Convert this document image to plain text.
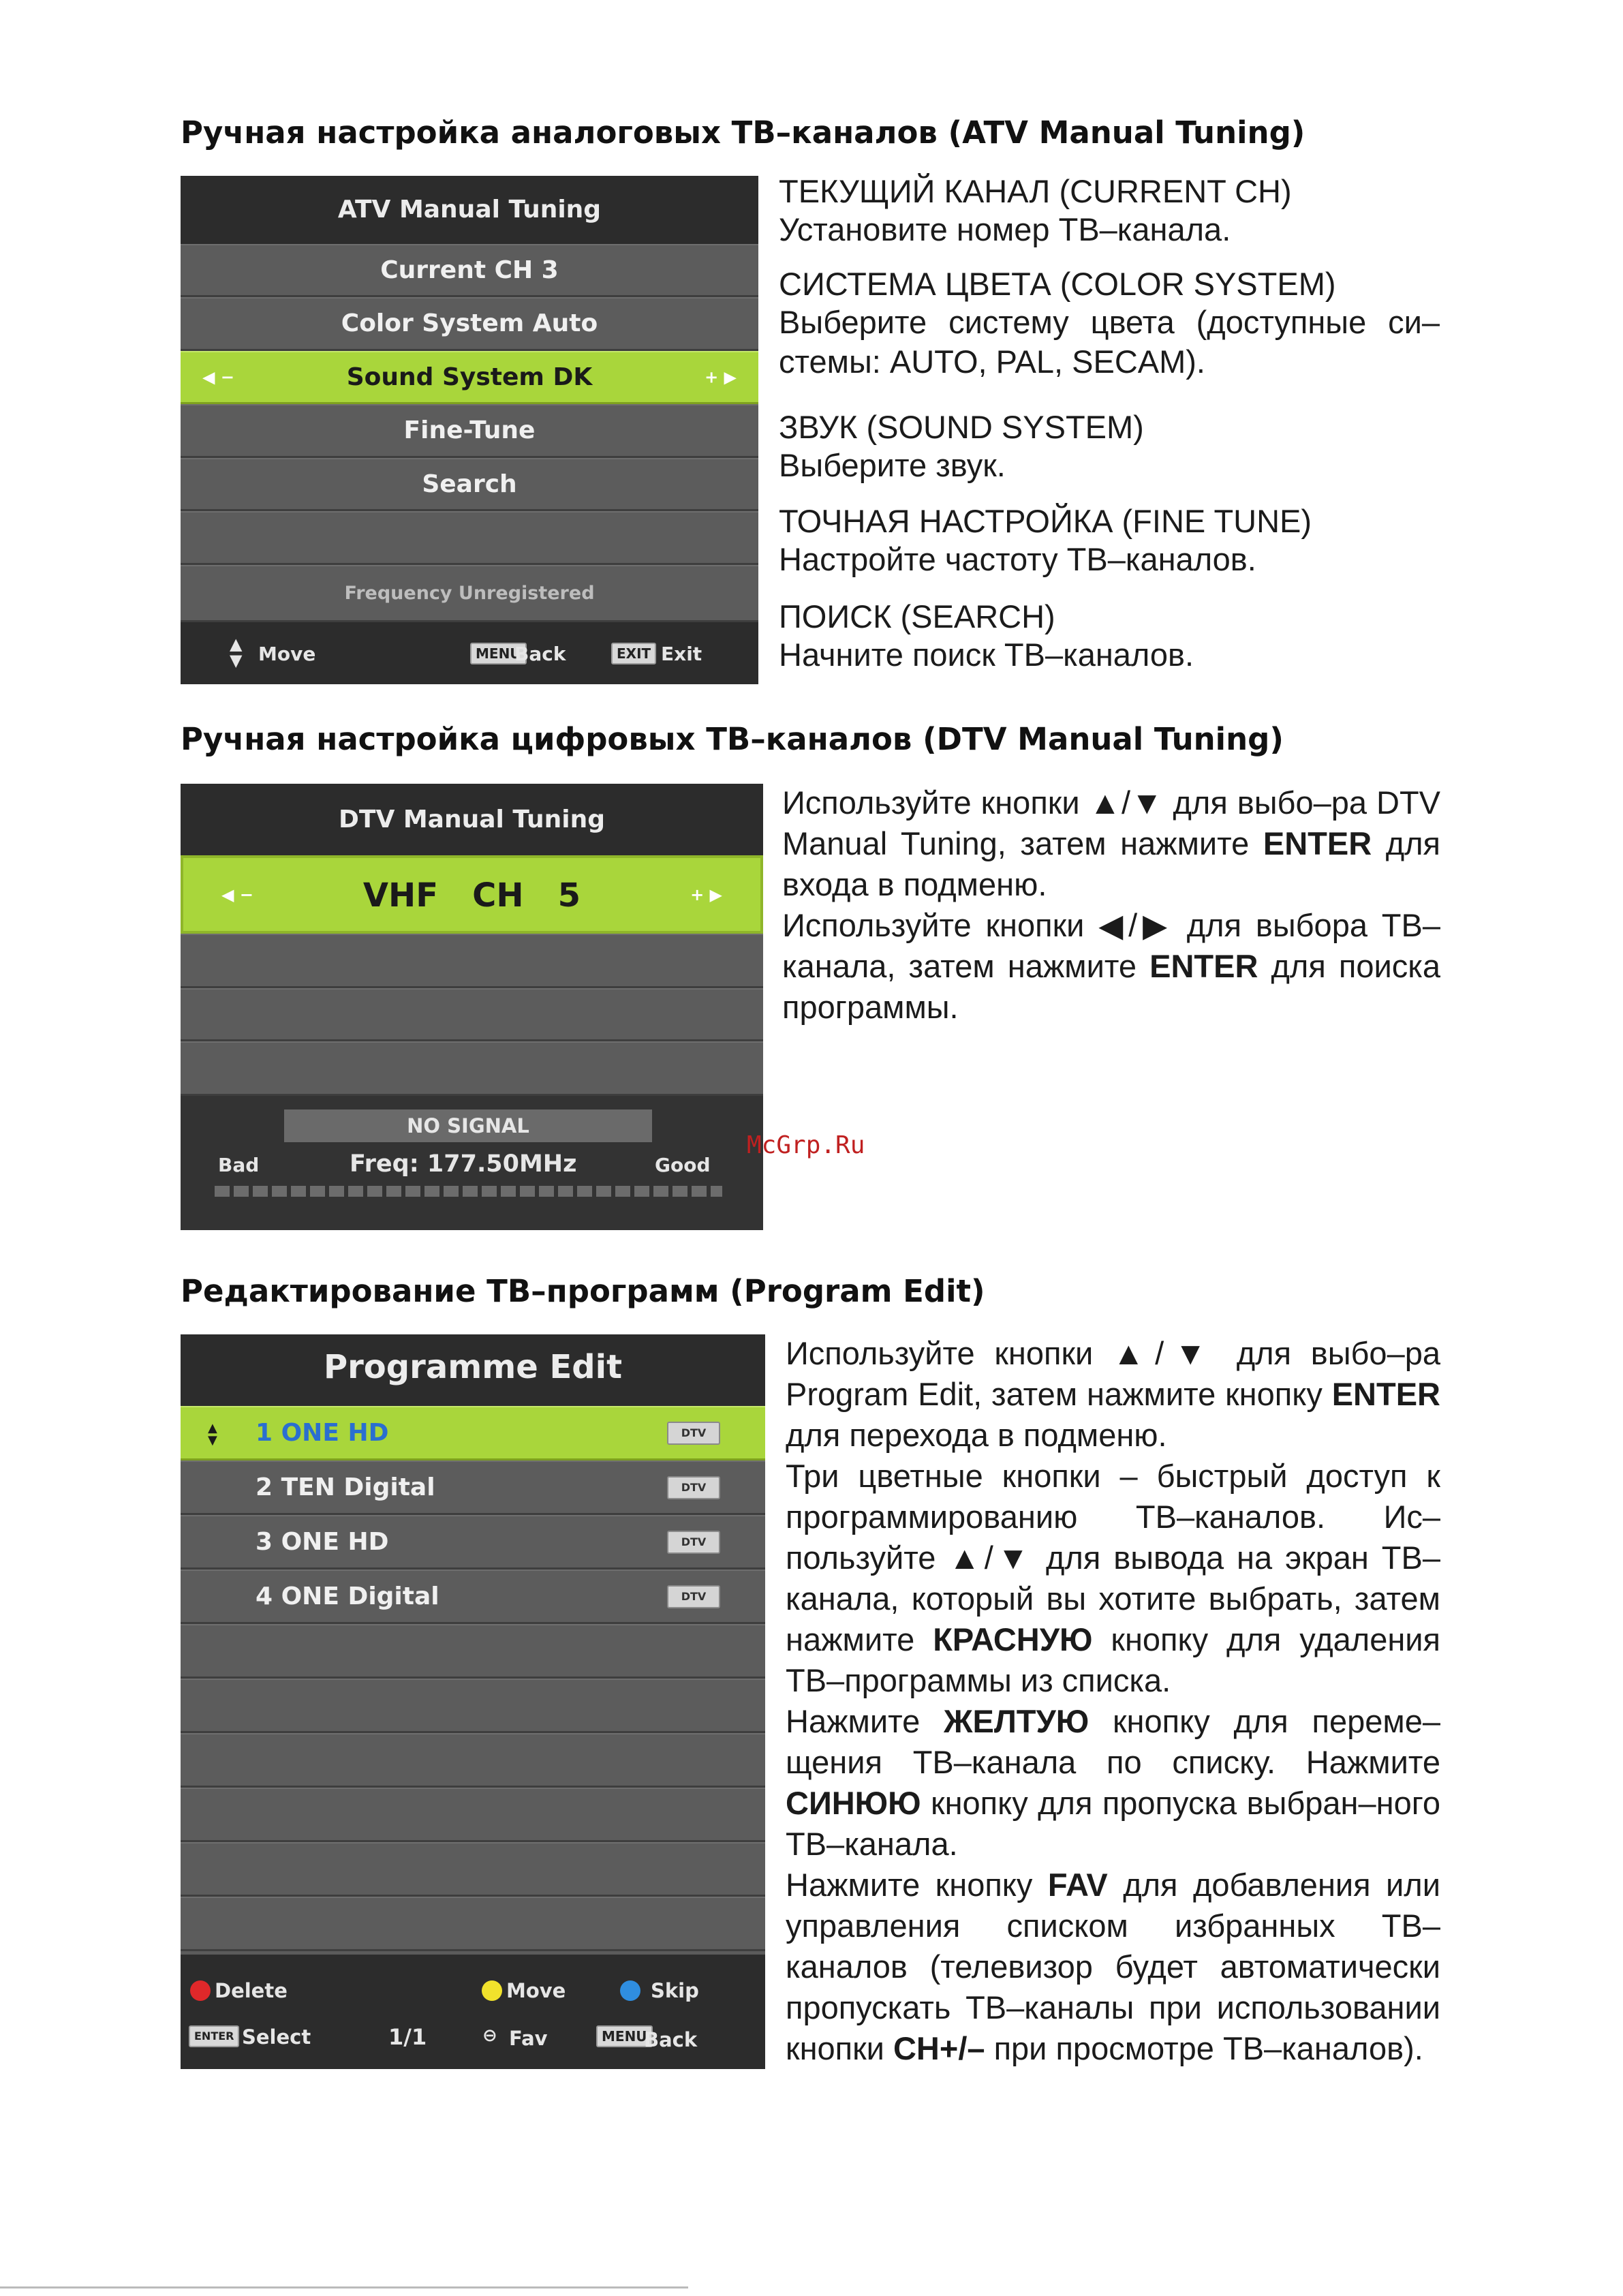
Ручная настройка аналоговых ТВ–каналов (ATV Manual Tuning)
ATV Manual Tuning
Current CH 3
Color System Auto
◀ −	Sound System DK	+ ▶
Fine-Tune
Search
Frequency Unregistered
▲
▼ Move	MENU
Back	EXIT Exit
ТЕКУЩИЙ КАНАЛ (CURRENT CH)
Установите номер ТВ–канала.
СИСТЕМА ЦВЕТА (COLOR SYSTEM)
Выберите систему цвета (доступные си–стемы: AUTO, PAL, SECAM).
ЗВУК (SOUND SYSTEM)
Выберите звук.
ТОЧНАЯ НАСТРОЙКА (FINE TUNE)
Настройте частоту ТВ–каналов.
ПОИСК (SEARCH)
Начните поиск ТВ–каналов.
Ручная настройка цифровых ТВ–каналов (DTV Manual Tuning)
DTV Manual Tuning
◀ −	VHF   CH   5	+ ▶
NO SIGNAL
Bad	Freq: 177.50MHz	Good
Используйте кнопки ▲/▼ для выбо–ра DTV Manual Tuning, затем нажмите ENTER для входа в подменю.
Используйте кнопки ◀/▶ для выбора ТВ–канала, затем нажмите ENTER для поиска программы.
McGrp.Ru
Редактирование ТВ–программ (Program Edit)
Programme Edit
▲
▼ 1 ONE HD	DTV
2 TEN Digital	DTV
3 ONE HD	DTV
4 ONE Digital	DTV
Delete	Move	Skip
ENTER Select	1/1	⊖ Fav	MENU
Back
Используйте кнопки ▲/▼ для выбо–ра Program Edit, затем нажмите кнопку ENTER для перехода в подменю.
Три цветные кнопки – быстрый доступ к программированию ТВ–каналов. Ис–пользуйте ▲/▼ для вывода на экран ТВ–канала, который вы хотите выбрать, затем нажмите КРАСНУЮ кнопку для удаления ТВ–программы из списка.
Нажмите ЖЕЛТУЮ кнопку для переме–щения ТВ–канала по списку. Нажмите СИНЮЮ кнопку для пропуска выбран–ного ТВ–канала.
Нажмите кнопку FAV для добавления или управления списком избранных ТВ–каналов (телевизор будет автоматически пропускать ТВ–каналы при использовании кнопки CH+/– при просмотре ТВ–каналов).
